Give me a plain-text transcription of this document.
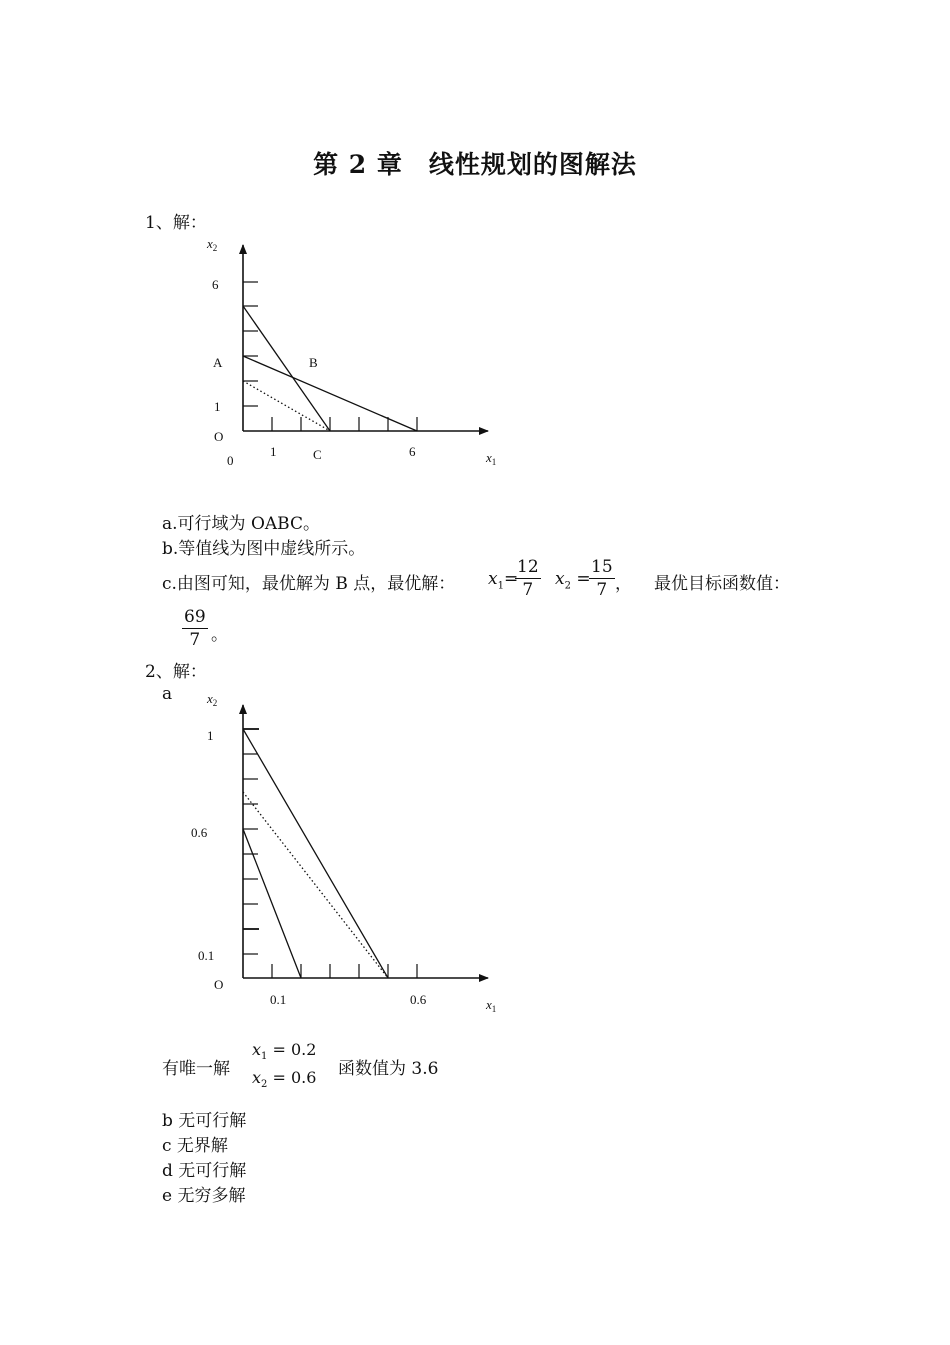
第 2 章　线性规划的图解法
1、解：
$x_2$
6
A	B
1
O
0
1	C	6	$x_1$
a.可行域为 OABC。
b.等值线为图中虚线所示。
c.由图可知，最优解为 B 点，最优解： $x_1=$
$\frac{12}{7} x_2$ =
$\frac{15}{7}$ ， 最优目标函数值：
$\frac{69}{7}$ 。
2、解：
a	$x_2$
1
0.6
0.1
O
0.1	0.6	$x_1$
有唯一解
$x_1 = 0.2$
$x_2 = 0.6$ 函数值为 3.6
b 无可行解
c 无界解
d 无可行解
e 无穷多解
